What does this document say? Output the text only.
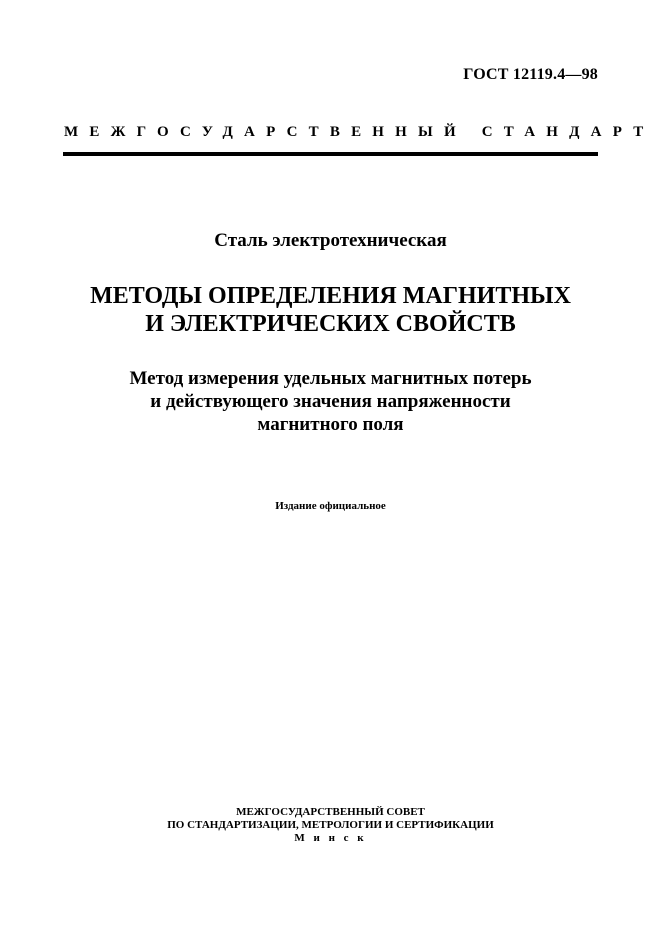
ГОСТ 12119.4—98
МЕЖГОСУДАРСТВЕННЫЙ СТАНДАРТ
Сталь электротехническая
МЕТОДЫ ОПРЕДЕЛЕНИЯ МАГНИТНЫХ
И ЭЛЕКТРИЧЕСКИХ СВОЙСТВ
Метод измерения удельных магнитных потерь
и действующего значения напряженности
магнитного поля
Издание официальное
МЕЖГОСУДАРСТВЕННЫЙ СОВЕТ
ПО СТАНДАРТИЗАЦИИ, МЕТРОЛОГИИ И СЕРТИФИКАЦИИ
М и н с к
